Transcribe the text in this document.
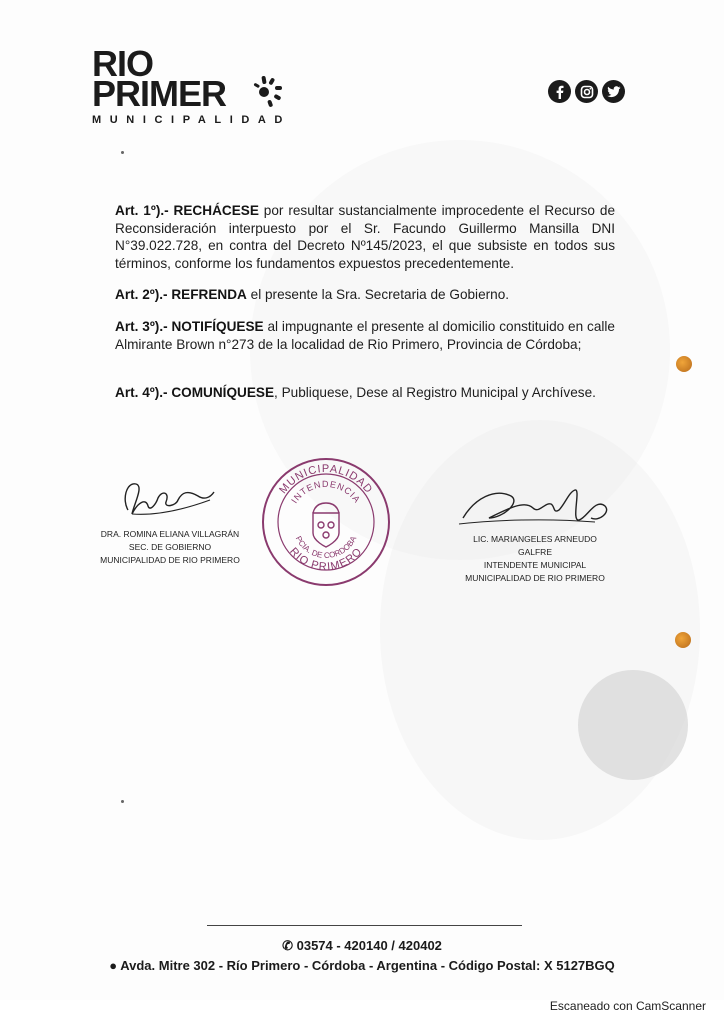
RIO
PRIMER
MUNICIPALIDAD
Art. 1º).- RECHÁCESE por resultar sustancialmente improcedente el Recurso de Reconsideración interpuesto por el Sr. Facundo Guillermo Mansilla DNI N°39.022.728, en contra del Decreto Nº145/2023, el que subsiste en todos sus términos, conforme los fundamentos expuestos precedentemente.
Art. 2º).- REFRENDA el presente la Sra. Secretaria de Gobierno.
Art. 3º).- NOTIFÍQUESE al impugnante el presente al domicilio constituido en calle Almirante Brown n°273 de la localidad de Rio Primero, Provincia de Córdoba;
Art. 4º).- COMUNÍQUESE, Publiquese, Dese al Registro Municipal y Archívese.
DRA. ROMINA ELIANA VILLAGRÁN
SEC. DE GOBIERNO
MUNICIPALIDAD DE RIO PRIMERO
MUNICIPALIDAD
INTENDENCIA
PCIA. DE CORDOBA
RIO PRIMERO
LIC. MARIANGELES ARNEUDO GALFRE
INTENDENTE MUNICIPAL
MUNICIPALIDAD DE RIO PRIMERO
✆ 03574 - 420140 / 420402
● Avda. Mitre 302 - Río Primero - Córdoba - Argentina - Código Postal: X 5127BGQ
Escaneado con CamScanner
